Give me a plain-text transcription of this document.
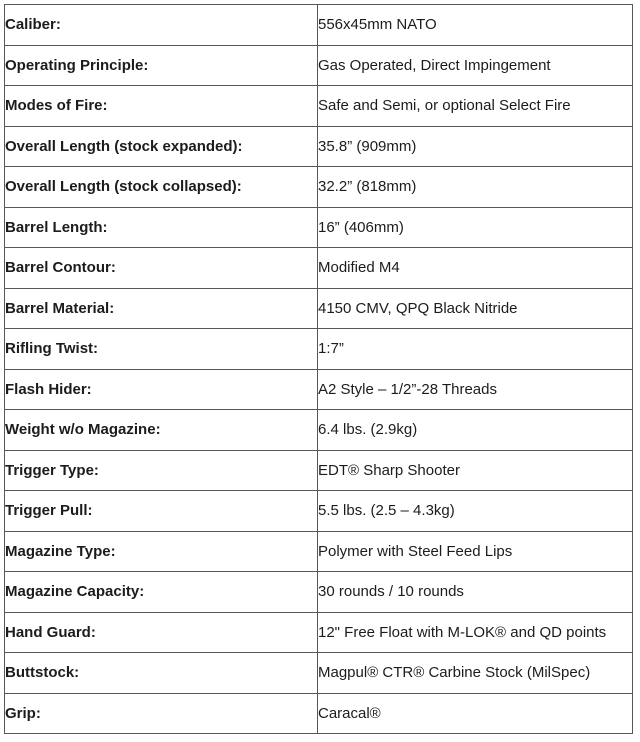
Caliber:	556x45mm NATO
Operating Principle:	Gas Operated, Direct Impingement
Modes of Fire:	Safe and Semi, or optional Select Fire
Overall Length (stock expanded):	35.8” (909mm)
Overall Length (stock collapsed):	32.2” (818mm)
Barrel Length:	16” (406mm)
Barrel Contour:	Modified M4
Barrel Material:	4150 CMV, QPQ Black Nitride
Rifling Twist:	1:7”
Flash Hider:	A2 Style – 1/2”-28 Threads
Weight w/o Magazine:	6.4 lbs. (2.9kg)
Trigger Type:	EDT® Sharp Shooter
Trigger Pull:	5.5 lbs. (2.5 – 4.3kg)
Magazine Type:	Polymer with Steel Feed Lips
Magazine Capacity:	30 rounds / 10 rounds
Hand Guard:	12" Free Float with M-LOK® and QD points
Buttstock:	Magpul® CTR® Carbine Stock (MilSpec)
Grip:	Caracal®
